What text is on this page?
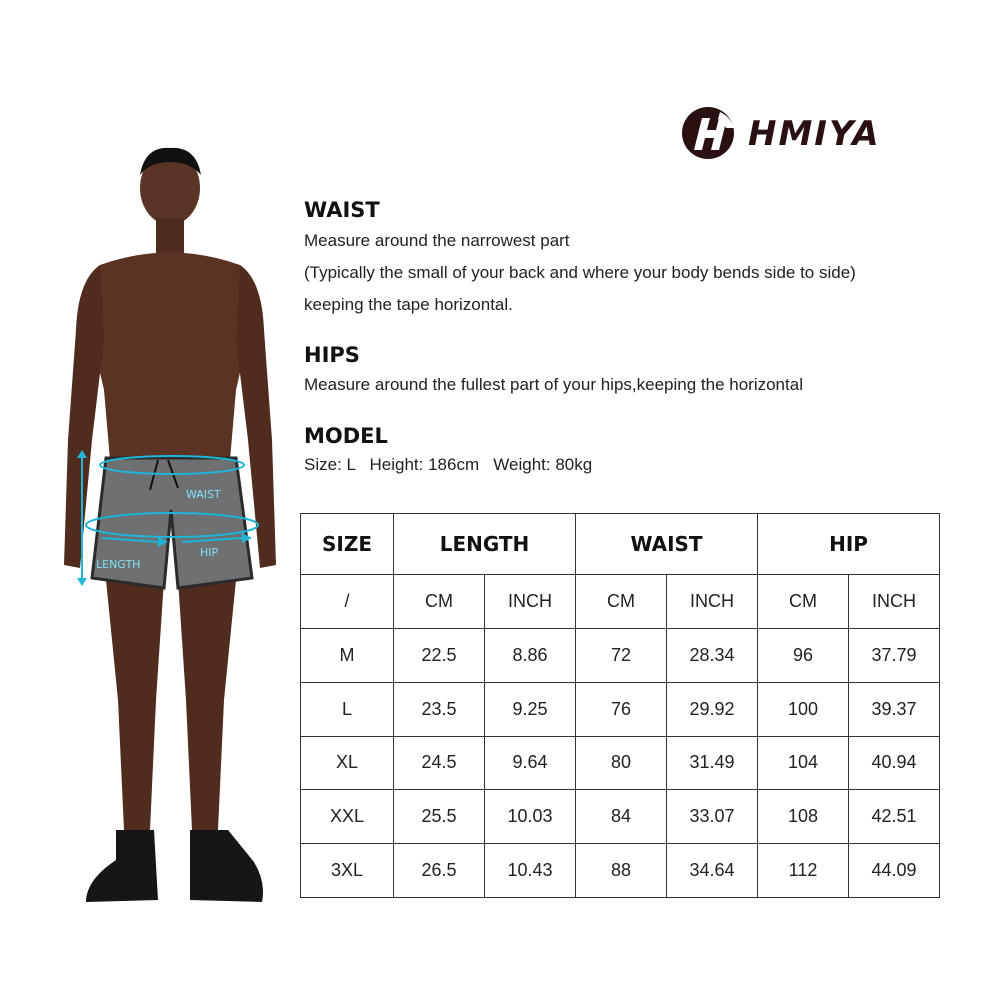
HMIYA
WAIST
HIP
LENGTH
WAIST
Measure around the narrowest part
(Typically the small of your back and where your body bends side to side)
keeping the tape horizontal.
HIPS
Measure around the fullest part of your hips,keeping the horizontal
MODEL
Size: L   Height: 186cm   Weight: 80kg
SIZE	LENGTH		WAIST		HIP	
/	CM	INCH	CM	INCH	CM	INCH
M	22.5	8.86	72	28.34	96	37.79
L	23.5	9.25	76	29.92	100	39.37
XL	24.5	9.64	80	31.49	104	40.94
XXL	25.5	10.03	84	33.07	108	42.51
3XL	26.5	10.43	88	34.64	112	44.09
